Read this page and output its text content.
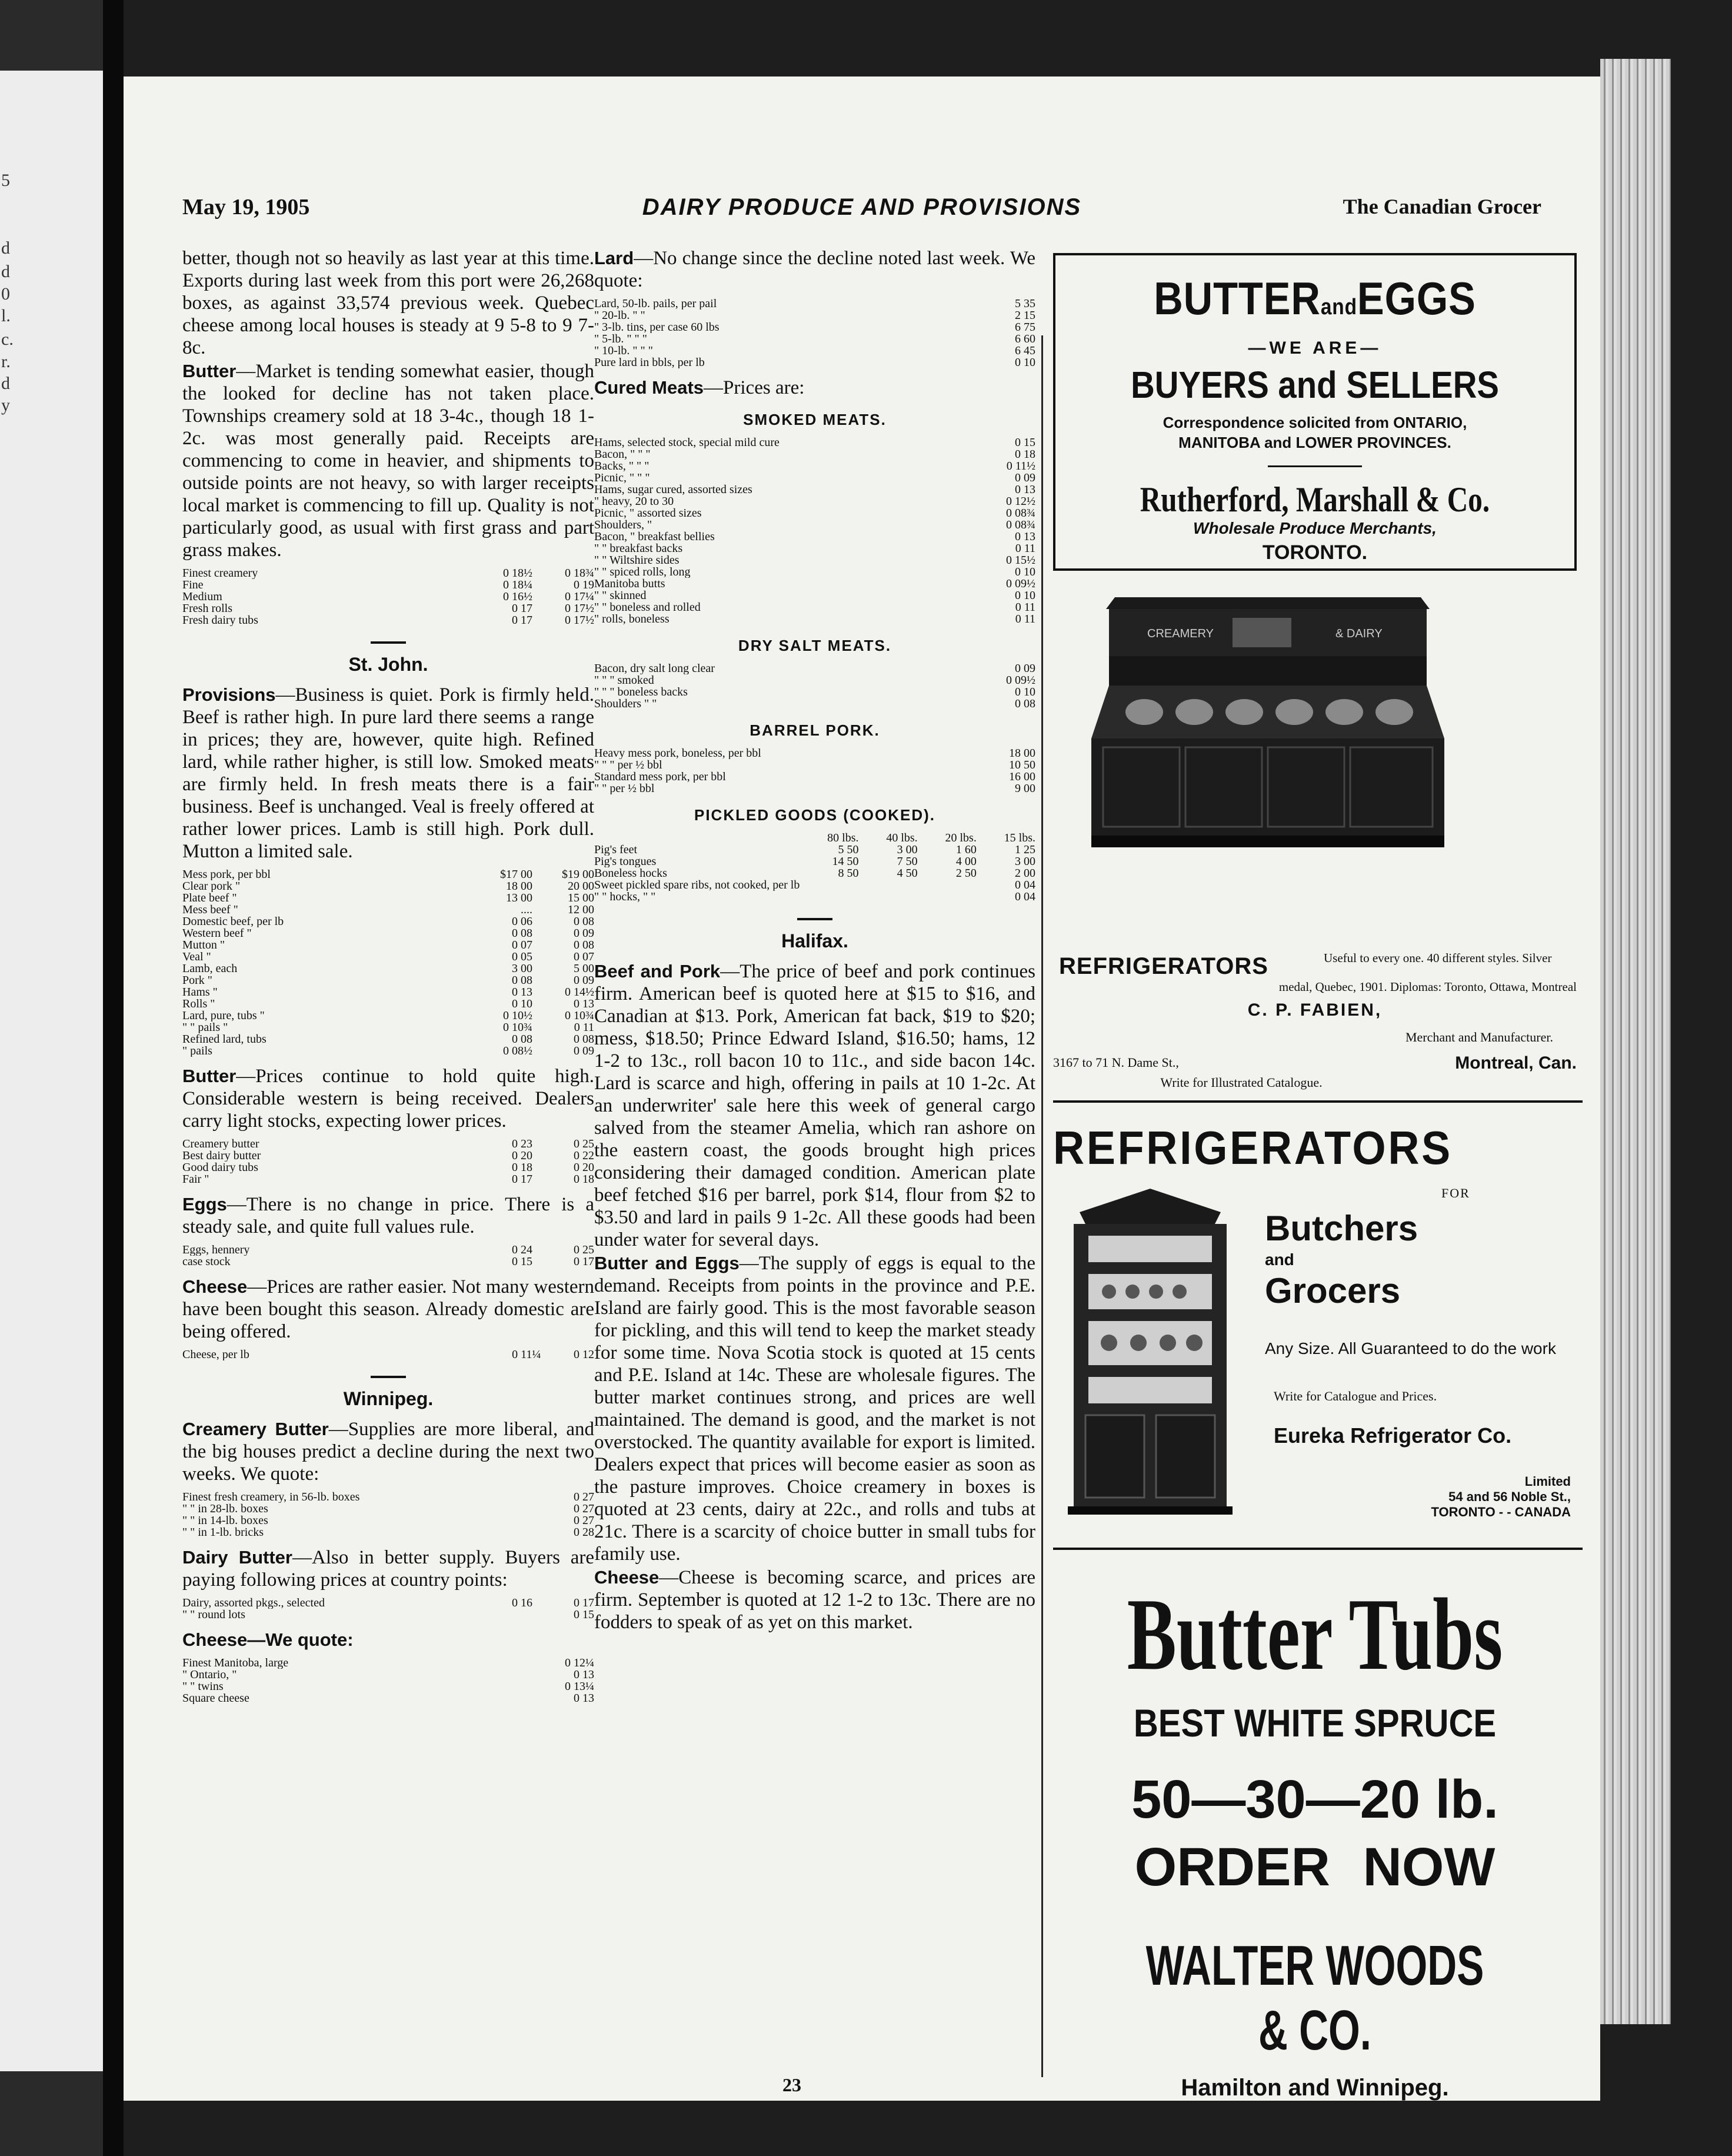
5
d
d
0
l.
c.
r.
d
y
May 19, 1905	DAIRY PRODUCE AND PROVISIONS	The Canadian Grocer

better, though not so heavily as last year at this time. Exports during last week from this port were 26,268 boxes, as against 33,574 previous week. Quebec cheese among local houses is steady at 9 5-8 to 9 7-8c.

Butter—Market is tending somewhat easier, though the looked for decline has not taken place. Townships creamery sold at 18 3-4c., though 18 1-2c. was most generally paid. Receipts are commencing to come in heavier, and shipments to outside points are not heavy, so with larger receipts local market is commencing to fill up. Quality is not particularly good, as usual with first grass and part grass makes.

Finest creamery	0 18½	0 18¾
Fine	0 18¼	0 19
Medium	0 16½	0 17¼
Fresh rolls	0 17	0 17½
Fresh dairy tubs	0 17	0 17½
St. John.

Provisions—Business is quiet. Pork is firmly held. Beef is rather high. In pure lard there seems a range in prices; they are, however, quite high. Refined lard, while rather higher, is still low. Smoked meats are firmly held. In fresh meats there is a fair business. Beef is unchanged. Veal is freely offered at rather lower prices. Lamb is still high. Pork dull. Mutton a limited sale.

Mess pork, per bbl	$17 00	$19 00
Clear pork "	18 00	20 00
Plate beef "	13 00	15 00
Mess beef "	....	12 00
Domestic beef, per lb	0 06	0 08
Western beef "	0 08	0 09
Mutton "	0 07	0 08
Veal "	0 05	0 07
Lamb, each	3 00	5 00
Pork "	0 08	0 09
Hams "	0 13	0 14½
Rolls "	0 10	0 13
Lard, pure, tubs "	0 10½	0 10¾
" " pails "	0 10¾	0 11
Refined lard, tubs	0 08	0 08
" pails	0 08½	0 09

Butter—Prices continue to hold quite high. Considerable western is being received. Dealers carry light stocks, expecting lower prices.

Creamery butter	0 23	0 25
Best dairy butter	0 20	0 22
Good dairy tubs	0 18	0 20
Fair "	0 17	0 18

Eggs—There is no change in price. There is a steady sale, and quite full values rule.

Eggs, hennery	0 24	0 25
case stock	0 15	0 17

Cheese—Prices are rather easier. Not many western have been bought this season. Already domestic are being offered.

Cheese, per lb	0 11¼	0 12
Winnipeg.

Creamery Butter—Supplies are more liberal, and the big houses predict a decline during the next two weeks. We quote:

Finest fresh creamery, in 56-lb. boxes	0 27
" " in 28-lb. boxes	0 27
" " in 14-lb. boxes	0 27
" " in 1-lb. bricks	0 28

Dairy Butter—Also in better supply. Buyers are paying following prices at country points:

Dairy, assorted pkgs., selected	0 16	0 17
" " round lots		0 15

Cheese—We quote:

Finest Manitoba, large	0 12¼
" Ontario, "	0 13
" " twins	0 13¼
Square cheese	0 13

Lard—No change since the decline noted last week. We quote:

Lard, 50-lb. pails, per pail	5 35
" 20-lb. " "	2 15
" 3-lb. tins, per case 60 lbs	6 75
" 5-lb. " " "	6 60
" 10-lb. " " "	6 45
Pure lard in bbls, per lb	0 10

Cured Meats—Prices are:

SMOKED MEATS.
Hams, selected stock, special mild cure	0 15
Bacon, " " "	0 18
Backs, " " "	0 11½
Picnic, " " "	0 09
Hams, sugar cured, assorted sizes	0 13
" heavy, 20 to 30	0 12½
Picnic, " assorted sizes	0 08¾
Shoulders, "	0 08¾
Bacon, " breakfast bellies	0 13
" " breakfast backs	0 11
" " Wiltshire sides	0 15½
" " spiced rolls, long	0 10
Manitoba butts	0 09½
" " skinned	0 10
" " boneless and rolled	0 11
" rolls, boneless	0 11
DRY SALT MEATS.
Bacon, dry salt long clear	0 09
" " " smoked	0 09½
" " " boneless backs	0 10
Shoulders " "	0 08
BARREL PORK.
Heavy mess pork, boneless, per bbl	18 00
" " " per ½ bbl	10 50
Standard mess pork, per bbl	16 00
" " per ½ bbl	9 00
PICKLED GOODS (COOKED).
	80 lbs.	40 lbs.	20 lbs.	15 lbs.
Pig's feet	5 50	3 00	1 60	1 25
Pig's tongues	14 50	7 50	4 00	3 00
Boneless hocks	8 50	4 50	2 50	2 00
Sweet pickled spare ribs, not cooked, per lb				0 04
" " hocks, " "				0 04
Halifax.

Beef and Pork—The price of beef and pork continues firm. American beef is quoted here at $15 to $16, and Canadian at $13. Pork, American fat back, $19 to $20; mess, $18.50; Prince Edward Island, $16.50; hams, 12 1-2 to 13c., roll bacon 10 to 11c., and side bacon 14c. Lard is scarce and high, offering in pails at 10 1-2c. At an underwriter' sale here this week of general cargo salved from the steamer Amelia, which ran ashore on the eastern coast, the goods brought high prices considering their damaged condition. American plate beef fetched $16 per barrel, pork $14, flour from $2 to $3.50 and lard in pails 9 1-2c. All these goods had been under water for several days.

Butter and Eggs—The supply of eggs is equal to the demand. Receipts from points in the province and P.E. Island are fairly good. This is the most favorable season for pickling, and this will tend to keep the market steady for some time. Nova Scotia stock is quoted at 15 cents and P.E. Island at 14c. These are wholesale figures. The butter market continues strong, and prices are well maintained. The demand is good, and the market is not overstocked. The quantity available for export is limited. Dealers expect that prices will become easier as soon as the pasture improves. Choice creamery in boxes is quoted at 23 cents, dairy at 22c., and rolls and tubs at 21c. There is a scarcity of choice butter in small tubs for family use.

Cheese—Cheese is becoming scarce, and prices are firm. September is quoted at 12 1-2 to 13c. There are no fodders to speak of as yet on this market.

BUTTERandEGGS
—WE ARE—
BUYERS and SELLERS
Correspondence solicited from ONTARIO,
MANITOBA and LOWER PROVINCES.
Rutherford, Marshall & Co.
Wholesale Produce Merchants,
TORONTO.
CREAMERY	& DAIRY
REFRIGERATORS	Useful to every one. 40 different styles. Silver
medal, Quebec, 1901. Diplomas: Toronto, Ottawa, Montreal
C. P. FABIEN,
Merchant and Manufacturer.
3167 to 71 N. Dame St.,	Montreal, Can.
Write for Illustrated Catalogue.
REFRIGERATORS
FOR
Butchers
and
Grocers
Any Size. All Guaranteed to do the work
Write for Catalogue and Prices.
Eureka Refrigerator Co.
Limited
54 and 56 Noble St.,
TORONTO - - CANADA
Butter Tubs
BEST WHITE SPRUCE
50—30—20 lb.
ORDER NOW
WALTER WOODS & CO.
Hamilton and Winnipeg.
23
